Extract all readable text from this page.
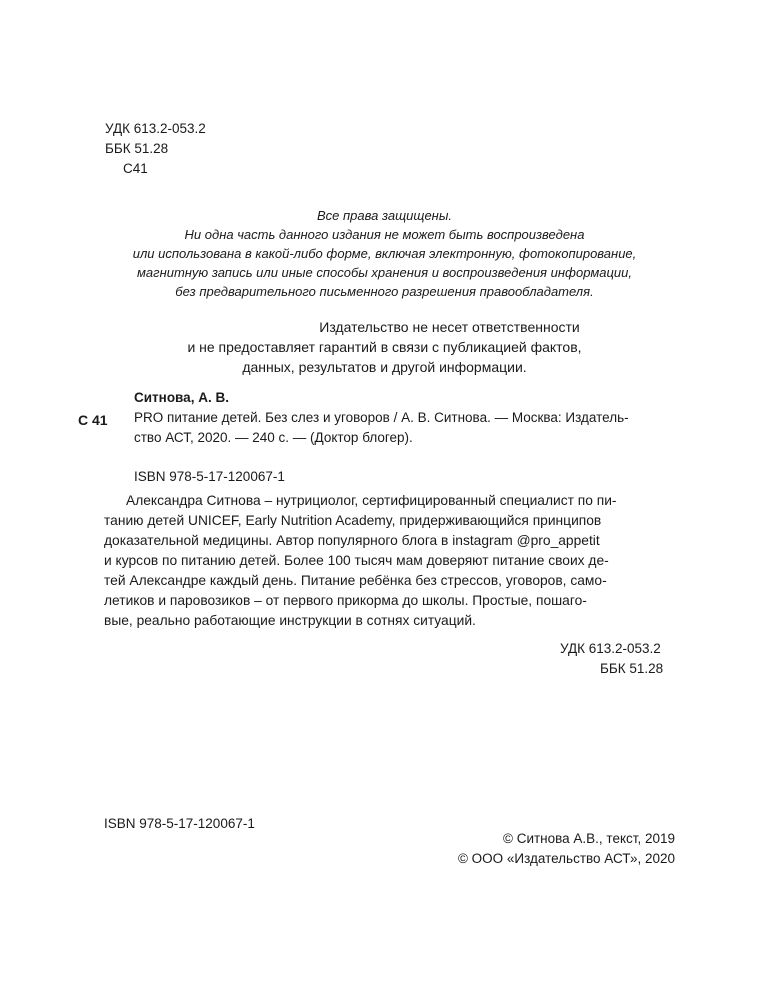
УДК 613.2-053.2
ББК 51.28
С41
Все права защищены.
Ни одна часть данного издания не может быть воспроизведена
или использована в какой-либо форме, включая электронную, фотокопирование,
магнитную запись или иные способы хранения и воспроизведения информации,
без предварительного письменного разрешения правообладателя.
Издательство не несет ответственности
и не предоставляет гарантий в связи с публикацией фактов,
данных, результатов и другой информации.
С 41
Ситнова, А. В.
PRO питание детей. Без слез и уговоров / А. В. Ситнова. — Москва: Издатель-
ство АСТ, 2020. — 240 с. — (Доктор блогер).
ISBN 978-5-17-120067-1
Александра Ситнова – нутрициолог, сертифицированный специалист по пи-
танию детей UNICEF, Early Nutrition Academy, придерживающийся принципов
доказательной медицины. Автор популярного блога в instagram @pro_appetit
и курсов по питанию детей. Более 100 тысяч мам доверяют питание своих де-
тей Александре каждый день. Питание ребёнка без стрессов, уговоров, само-
летиков и паровозиков – от первого прикорма до школы. Простые, пошаго-
вые, реально работающие инструкции в сотнях ситуаций.
УДК 613.2-053.2
ББК 51.28
ISBN 978-5-17-120067-1
© Ситнова А.В., текст, 2019
© ООО «Издательство АСТ», 2020
